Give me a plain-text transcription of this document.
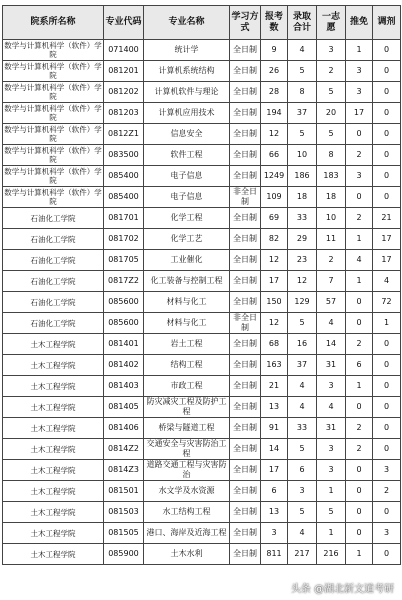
院系所名称	专业代码	专业名称	学习方式	报考数	录取合计	一志愿	推免	调剂
数学与计算机科学（软件）学院	071400	统计学	全日制	9	4	3	1	0
数学与计算机科学（软件）学院	081201	计算机系统结构	全日制	26	5	2	3	0
数学与计算机科学（软件）学院	081202	计算机软件与理论	全日制	28	8	5	3	0
数学与计算机科学（软件）学院	081203	计算机应用技术	全日制	194	37	20	17	0
数学与计算机科学（软件）学院	0812Z1	信息安全	全日制	12	5	5	0	0
数学与计算机科学（软件）学院	083500	软件工程	全日制	66	10	8	2	0
数学与计算机科学（软件）学院	085400	电子信息	全日制	1249	186	183	3	0
数学与计算机科学（软件）学院	085400	电子信息	非全日制	109	18	18	0	0
石油化工学院	081701	化学工程	全日制	69	33	10	2	21
石油化工学院	081702	化学工艺	全日制	82	29	11	1	17
石油化工学院	081705	工业催化	全日制	12	23	2	4	17
石油化工学院	0817Z2	化工装备与控制工程	全日制	17	12	7	1	4
石油化工学院	085600	材料与化工	全日制	150	129	57	0	72
石油化工学院	085600	材料与化工	非全日制	12	5	4	0	1
土木工程学院	081401	岩土工程	全日制	68	16	14	2	0
土木工程学院	081402	结构工程	全日制	163	37	31	6	0
土木工程学院	081403	市政工程	全日制	21	4	3	1	0
土木工程学院	081405	防灾减灾工程及防护工程	全日制	13	4	4	0	0
土木工程学院	081406	桥梁与隧道工程	全日制	91	33	31	2	0
土木工程学院	0814Z2	交通安全与灾害防治工程	全日制	14	5	3	2	0
土木工程学院	0814Z3	道路交通工程与灾害防治	全日制	17	6	3	0	3
土木工程学院	081501	水文学及水资源	全日制	6	3	1	0	2
土木工程学院	081503	水工结构工程	全日制	13	5	5	0	0
土木工程学院	081505	港口、海岸及近海工程	全日制	3	4	1	0	3
土木工程学院	085900	土木水利	全日制	811	217	216	1	0
头条 @湖北新文道考研
